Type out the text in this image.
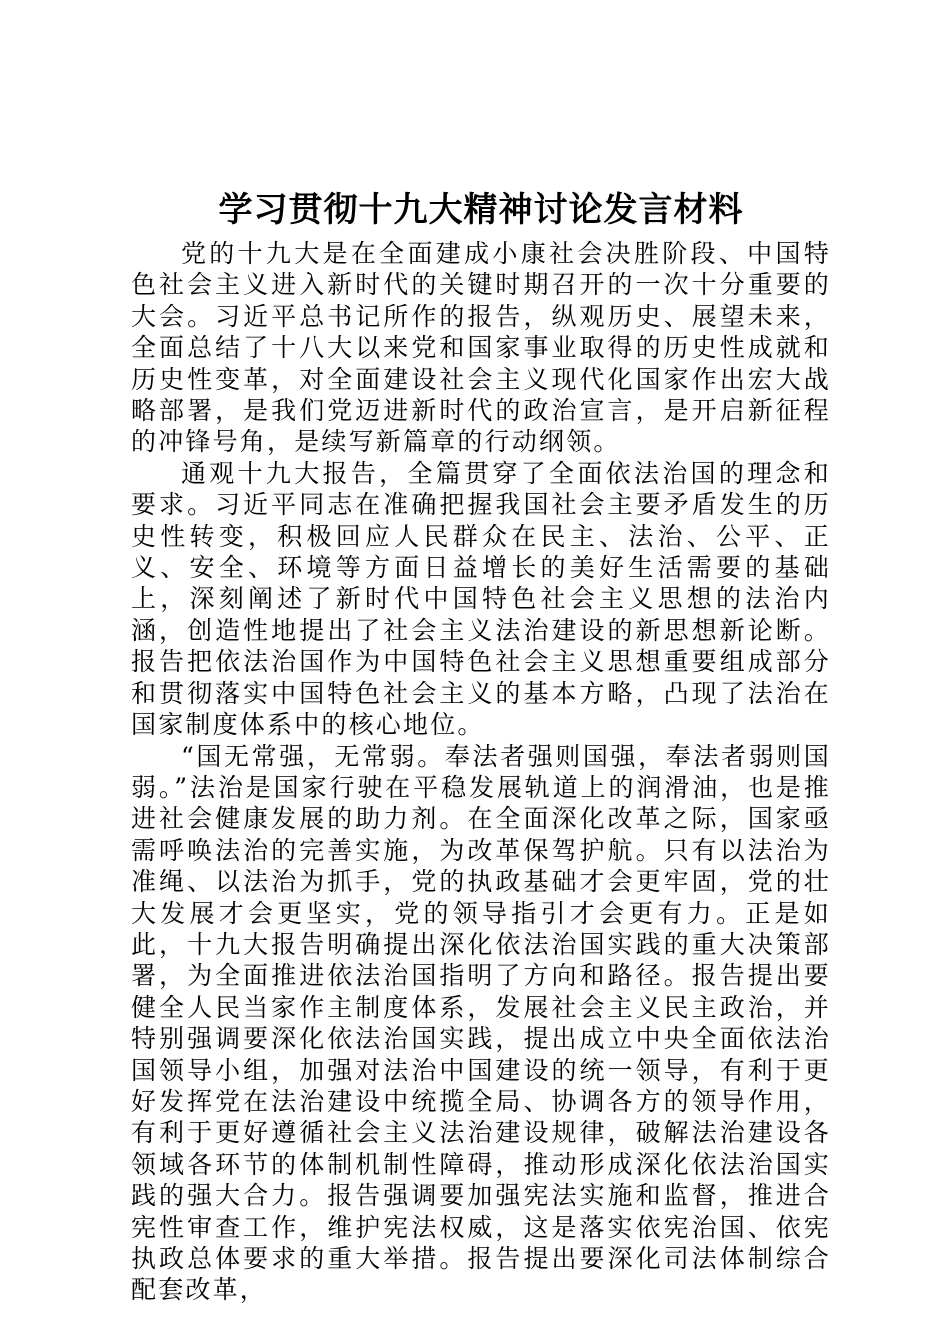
学习贯彻十九大精神讨论发言材料

党的十九大是在全面建成小康社会决胜阶段、中国特色社会主义进入新时代的关键时期召开的一次十分重要的大会。习近平总书记所作的报告，纵观历史、展望未来，全面总结了十八大以来党和国家事业取得的历史性成就和历史性变革，对全面建设社会主义现代化国家作出宏大战略部署，是我们党迈进新时代的政治宣言，是开启新征程的冲锋号角，是续写新篇章的行动纲领。

通观十九大报告，全篇贯穿了全面依法治国的理念和要求。习近平同志在准确把握我国社会主要矛盾发生的历史性转变，积极回应人民群众在民主、法治、公平、正义、安全、环境等方面日益增长的美好生活需要的基础上，深刻阐述了新时代中国特色社会主义思想的法治内涵，创造性地提出了社会主义法治建设的新思想新论断。报告把依法治国作为中国特色社会主义思想重要组成部分和贯彻落实中国特色社会主义的基本方略，凸现了法治在国家制度体系中的核心地位。

“国无常强，无常弱。奉法者强则国强，奉法者弱则国弱。”法治是国家行驶在平稳发展轨道上的润滑油，也是推进社会健康发展的助力剂。在全面深化改革之际，国家亟需呼唤法治的完善实施，为改革保驾护航。只有以法治为准绳、以法治为抓手，党的执政基础才会更牢固，党的壮大发展才会更坚实，党的领导指引才会更有力。正是如此，十九大报告明确提出深化依法治国实践的重大决策部署，为全面推进依法治国指明了方向和路径。报告提出要健全人民当家作主制度体系，发展社会主义民主政治，并特别强调要深化依法治国实践，提出成立中央全面依法治国领导小组，加强对法治中国建设的统一领导，有利于更好发挥党在法治建设中统揽全局、协调各方的领导作用，有利于更好遵循社会主义法治建设规律，破解法治建设各领域各环节的体制机制性障碍，推动形成深化依法治国实践的强大合力。报告强调要加强宪法实施和监督，推进合宪性审查工作，维护宪法权威，这是落实依宪治国、依宪执政总体要求的重大举措。报告提出要深化司法体制综合配套改革，
